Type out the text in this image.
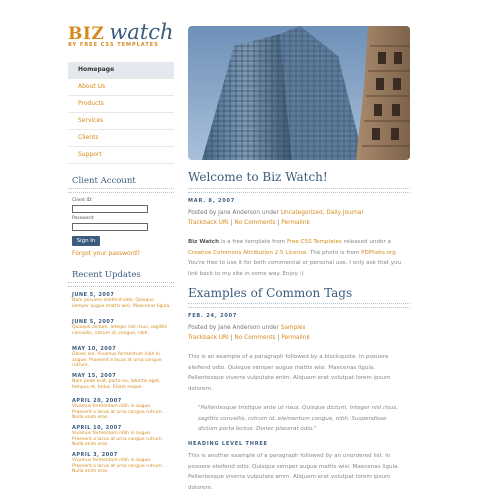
BIZ watch
BY FREE CSS TEMPLATES
Homepage
About Us
Products
Services
Clients
Support
Client Account
Client ID:
Password:
Sign In
Forgot your password?
Recent Updates
JUNE 5, 2007
Nam posuere eleifend odio. Quisque semper augue mattis wisi. Maecenas ligula.
JUNE 5, 2007
Quisque dictum. Integer nisl risus, sagittis convallis, rutrum id, congue, nibh.
MAY 10, 2007
Donec leo. Vivamus fermentum nibh in augue. Praesent a lacus at urna congue rutrum.
MAY 15, 2007
Nam pede erat, porta eu, lobortis eget, tempus et, tellus. Etiam neque.
APRIL 20, 2007
Vivamus fermentum nibh in augue. Praesent a lacus at urna congue rutrum. Nulla enim eros.
APRIL 10, 2007
Vivamus fermentum nibh in augue. Praesent a lacus at urna congue rutrum. Nulla enim eros.
APRIL 3, 2007
Vivamus fermentum nibh in augue. Praesent a lacus at urna congue rutrum. Nulla enim eros.
Welcome to Biz Watch!
MAR. 8, 2007
Posted by Jane Anderson under Uncategorized, Daily Journal
Trackback URI | No Comments | Permalink
Biz Watch is a free template from Free CSS Templates released under a Creative Commons Attribution 2.5 License. The photo is from PDPhoto.org. You're free to use it for both commercial or personal use. I only ask that you link back to my site in some way. Enjoy :)
Examples of Common Tags
FEB. 24, 2007
Posted by Jane Anderson under Samples
Trackback URI | No Comments | Permalink
This is an example of a paragraph followed by a blockquote. In posuere eleifend odio. Quisque semper augue mattis wisi. Maecenas ligula. Pellentesque viverra vulputate enim. Aliquam erat volutpat lorem ipsum dolorem.
"Pellentesque tristique ante ut risus. Quisque dictum. Integer nisl risus, sagittis convallis, rutrum id, elementum congue, nibh. Suspendisse dictum porta lectus. Donec placerat odio."
HEADING LEVEL THREE
This is another example of a paragraph followed by an unordered list. In posuere eleifend odio. Quisque semper augue mattis wisi. Maecenas ligula. Pellentesque viverra vulputate enim. Aliquam erat volutpat lorem ipsum dolorem.
